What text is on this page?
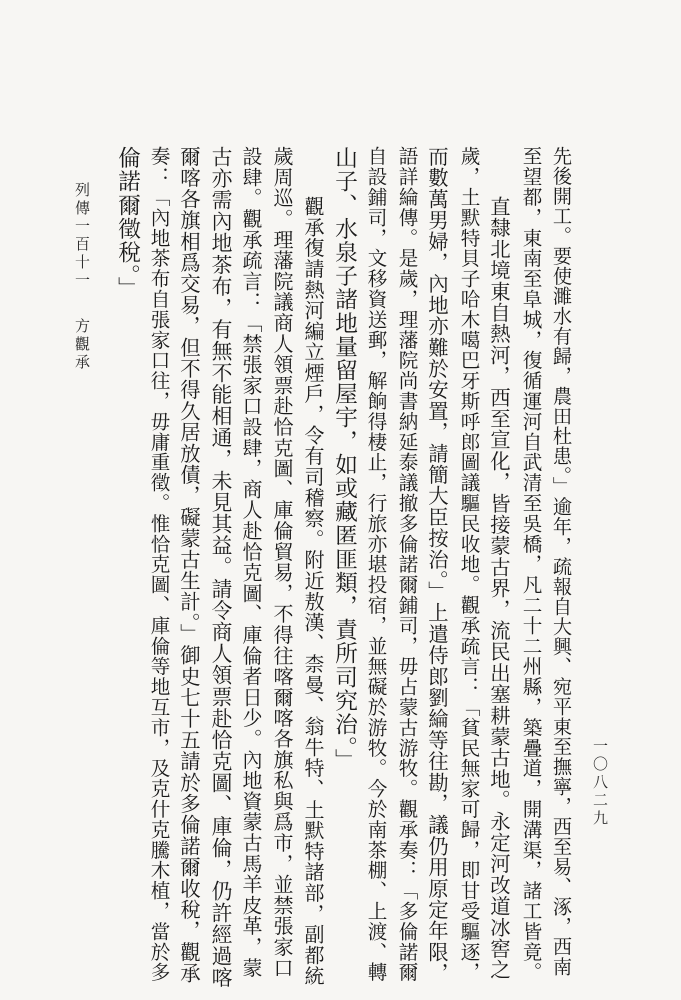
一〇八二九
先後開工。要使濉水有歸，農田杜患。」逾年，疏報自大興、宛平東至撫寧，西至易、涿，西南
至望都，東南至阜城，復循運河自武清至吳橋，凡二十二州縣，築疊道，開溝渠，諸工皆竟。
直隸北境東自熱河，西至宣化，皆接蒙古界，流民出塞耕蒙古地。永定河改道冰窖之
歲，土默特貝子哈木噶巴牙斯呼郎圖議驅民收地。觀承疏言：「貧民無家可歸，即甘受驅逐，
而數萬男婦，內地亦難於安置，請簡大臣按治。」上遣侍郎劉綸等往勘，議仍用原定年限，
語詳綸傳。是歲，理藩院尚書納延泰議撤多倫諾爾鋪司，毋占蒙古游牧。觀承奏：「多倫諾爾
自設鋪司，文移資送郵，解餉得棲止，行旅亦堪投宿，並無礙於游牧。今於南茶棚、上渡、轉
山子、水泉子諸地量留屋宇，如或藏匿匪類，責所司究治。」
觀承復請熱河編立煙戶，令有司稽察。附近敖漢、柰曼、翁牛特、土默特諸部，副都統
歲周巡。理藩院議商人領票赴恰克圖、庫倫貿易，不得往喀爾喀各旗私與爲市，並禁張家口
設肆。觀承疏言：「禁張家口設肆，商人赴恰克圖、庫倫者日少。內地資蒙古馬羊皮革，蒙
古亦需內地茶布，有無不能相通，未見其益。請令商人領票赴恰克圖、庫倫，仍許經過喀
爾喀各旗相爲交易，但不得久居放債，礙蒙古生計。」御史七十五請於多倫諾爾收稅，觀承
奏：「內地茶布自張家口往，毋庸重徵。惟恰克圖、庫倫等地互市，及克什克騰木植，當於多
倫諾爾徵稅。」
列傳一百十一
方觀承
